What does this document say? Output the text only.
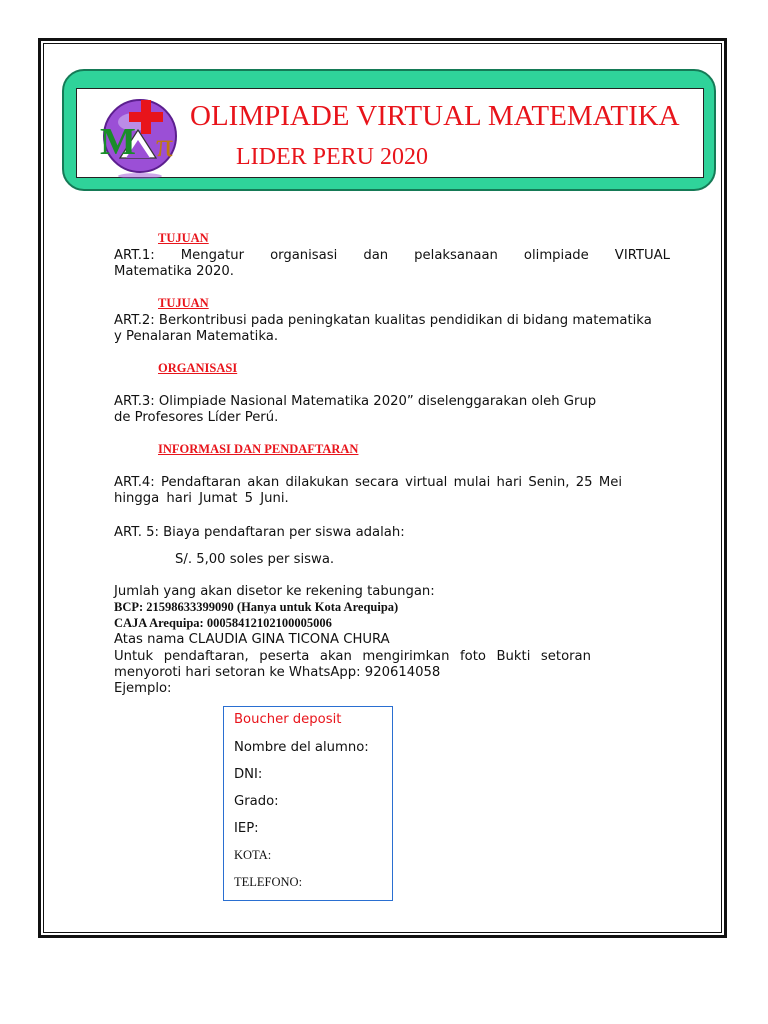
M π
OLIMPIADE VIRTUAL MATEMATIKA
LIDER PERU 2020
TUJUAN
ART.1: Mengatur organisasi dan pelaksanaan olimpiade VIRTUAL
Matematika 2020.
TUJUAN
ART.2: Berkontribusi pada peningkatan kualitas pendidikan di bidang matematika
y Penalaran Matematika.
ORGANISASI
ART.3: Olimpiade Nasional Matematika 2020” diselenggarakan oleh Grup
de Profesores Líder Perú.
INFORMASI DAN PENDAFTARAN
ART.4: Pendaftaran akan dilakukan secara virtual mulai hari Senin, 25 Mei
hingga hari Jumat 5 Juni.
ART. 5: Biaya pendaftaran per siswa adalah:
S/. 5,00 soles per siswa.
Jumlah yang akan disetor ke rekening tabungan:
BCP: 21598633399090 (Hanya untuk Kota Arequipa)
CAJA Arequipa: 00058412102100005006
Atas nama CLAUDIA GINA TICONA CHURA
Untuk pendaftaran, peserta akan mengirimkan foto Bukti setoran
menyoroti hari setoran ke WhatsApp: 920614058
Ejemplo:
Boucher deposit
Nombre del alumno:
DNI:
Grado:
IEP:
KOTA:
TELEFONO:
